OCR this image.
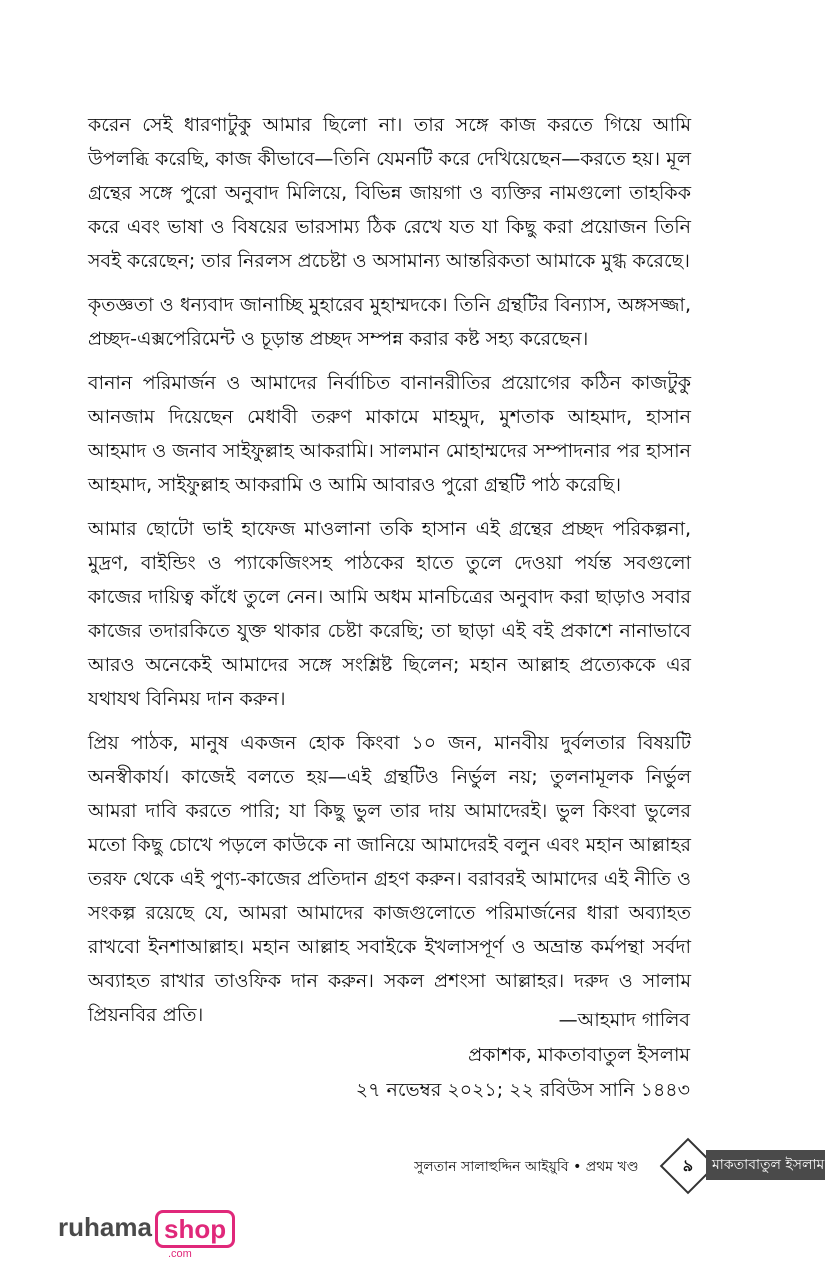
করেন সেই ধারণাটুকু আমার ছিলো না। তার সঙ্গে কাজ করতে গিয়ে আমি উপলব্ধি করেছি, কাজ কীভাবে—তিনি যেমনটি করে দেখিয়েছেন—করতে হয়। মূল গ্রন্থের সঙ্গে পুরো অনুবাদ মিলিয়ে, বিভিন্ন জায়গা ও ব্যক্তির নামগুলো তাহকিক করে এবং ভাষা ও বিষয়ের ভারসাম্য ঠিক রেখে যত যা কিছু করা প্রয়োজন তিনি সবই করেছেন; তার নিরলস প্রচেষ্টা ও অসামান্য আন্তরিকতা আমাকে মুগ্ধ করেছে।

কৃতজ্ঞতা ও ধন্যবাদ জানাচ্ছি মুহারেব মুহাম্মদকে। তিনি গ্রন্থটির বিন্যাস, অঙ্গসজ্জা, প্রচ্ছদ-এক্সপেরিমেন্ট ও চূড়ান্ত প্রচ্ছদ সম্পন্ন করার কষ্ট সহ্য করেছেন।

বানান পরিমার্জন ও আমাদের নির্বাচিত বানানরীতির প্রয়োগের কঠিন কাজটুকু আনজাম দিয়েছেন মেধাবী তরুণ মাকামে মাহমুদ, মুশতাক আহমাদ, হাসান আহমাদ ও জনাব সাইফুল্লাহ আকরামি। সালমান মোহাম্মদের সম্পাদনার পর হাসান আহমাদ, সাইফুল্লাহ আকরামি ও আমি আবারও পুরো গ্রন্থটি পাঠ করেছি।

আমার ছোটো ভাই হাফেজ মাওলানা তকি হাসান এই গ্রন্থের প্রচ্ছদ পরিকল্পনা, মুদ্রণ, বাইন্ডিং ও প্যাকেজিংসহ পাঠকের হাতে তুলে দেওয়া পর্যন্ত সবগুলো কাজের দায়িত্ব কাঁধে তুলে নেন। আমি অধম মানচিত্রের অনুবাদ করা ছাড়াও সবার কাজের তদারকিতে যুক্ত থাকার চেষ্টা করেছি; তা ছাড়া এই বই প্রকাশে নানাভাবে আরও অনেকেই আমাদের সঙ্গে সংশ্লিষ্ট ছিলেন; মহান আল্লাহ প্রত্যেককে এর যথাযথ বিনিময় দান করুন।

প্রিয় পাঠক, মানুষ একজন হোক কিংবা ১০ জন, মানবীয় দুর্বলতার বিষয়টি অনস্বীকার্য। কাজেই বলতে হয়—এই গ্রন্থটিও নির্ভুল নয়; তুলনামূলক নির্ভুল আমরা দাবি করতে পারি; যা কিছু ভুল তার দায় আমাদেরই। ভুল কিংবা ভুলের মতো কিছু চোখে পড়লে কাউকে না জানিয়ে আমাদেরই বলুন এবং মহান আল্লাহর তরফ থেকে এই পুণ্য-কাজের প্রতিদান গ্রহণ করুন। বরাবরই আমাদের এই নীতি ও সংকল্প রয়েছে যে, আমরা আমাদের কাজগুলোতে পরিমার্জনের ধারা অব্যাহত রাখবো ইনশাআল্লাহ। মহান আল্লাহ সবাইকে ইখলাসপূর্ণ ও অভ্রান্ত কর্মপন্থা সর্বদা অব্যাহত রাখার তাওফিক দান করুন। সকল প্রশংসা আল্লাহর। দরুদ ও সালাম প্রিয়নবির প্রতি।	—আহমাদ গালিব
প্রকাশক, মাকতাবাতুল ইসলাম
২৭ নভেম্বর ২০২১; ২২ রবিউস সানি ১৪৪৩
সুলতান সালাহুদ্দিন আইয়ুবি • প্রথম খণ্ড	৯	মাকতাবাতুল ইসলাম
ruhama shop
.com
